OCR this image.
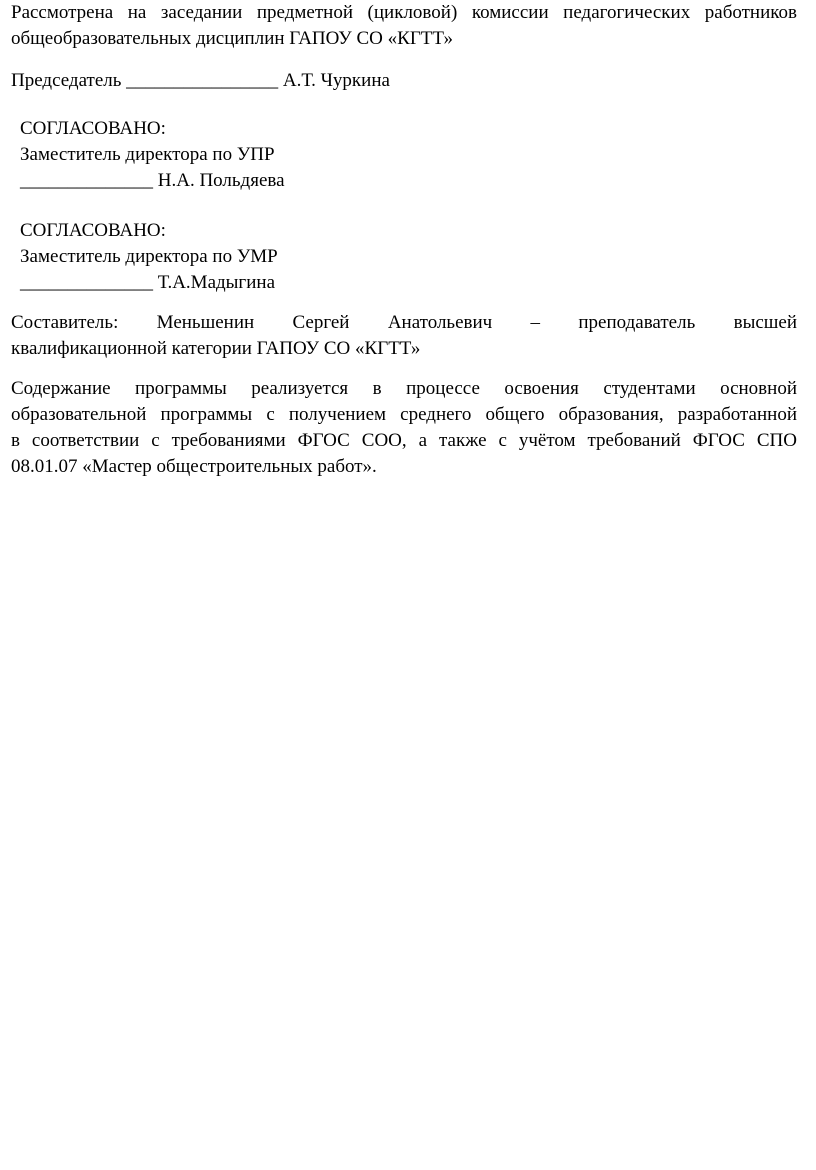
Рассмотрена на заседании предметной (цикловой) комиссии педагогических работников
общеобразовательных дисциплин ГАПОУ СО «КГТТ»
Председатель ________________ А.Т. Чуркина
СОГЛАСОВАНО:
Заместитель директора по УПР
______________ Н.А. Польдяева
СОГЛАСОВАНО:
Заместитель директора по УМР
______________ Т.А.Мадыгина
Составитель: Меньшенин Сергей Анатольевич – преподаватель высшей
квалификационной категории ГАПОУ СО «КГТТ»
Содержание программы реализуется в процессе освоения студентами основной
образовательной программы с получением среднего общего образования, разработанной
в соответствии с требованиями ФГОС СОО, а также с учётом требований ФГОС СПО
08.01.07 «Мастер общестроительных работ».
